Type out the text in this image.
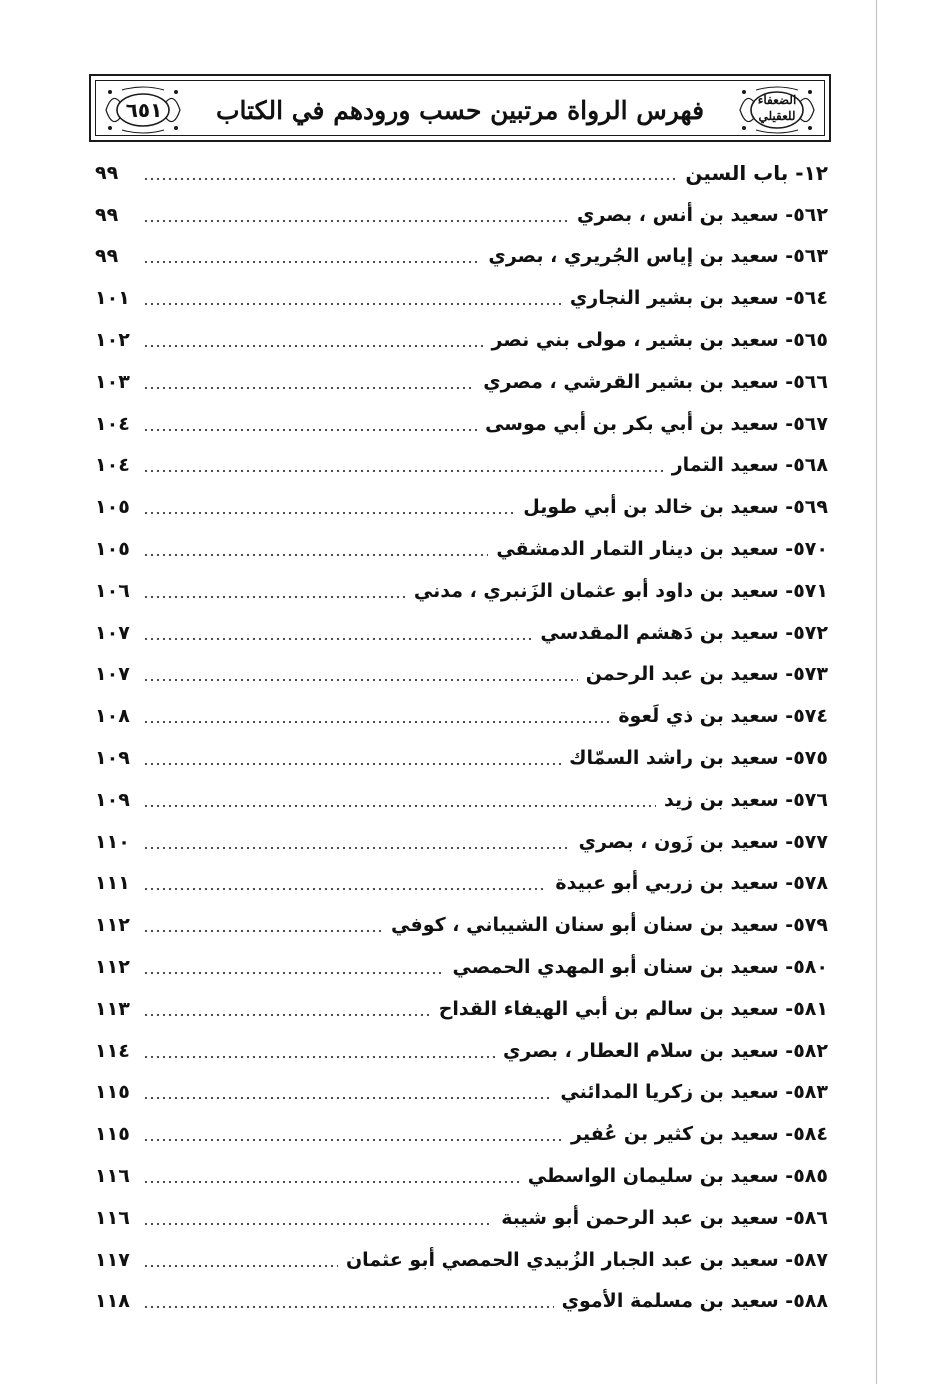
٦٥١	فهرس الرواة مرتبين حسب ورودهم في الكتاب	الضعفاء للعقيلي
١٢- باب السين
٩٩
٥٦٢- سعيد بن أنس ، بصري
٩٩
٥٦٣- سعيد بن إياس الجُريري ، بصري
٩٩
٥٦٤- سعيد بن بشير النجاري
١٠١
٥٦٥- سعيد بن بشير ، مولى بني نصر
١٠٢
٥٦٦- سعيد بن بشير القرشي ، مصري
١٠٣
٥٦٧- سعيد بن أبي بكر بن أبي موسى
١٠٤
٥٦٨- سعيد التمار
١٠٤
٥٦٩- سعيد بن خالد بن أبي طويل
١٠٥
٥٧٠- سعيد بن دينار التمار الدمشقي
١٠٥
٥٧١- سعيد بن داود أبو عثمان الزَنبري ، مدني
١٠٦
٥٧٢- سعيد بن دَهشم المقدسي
١٠٧
٥٧٣- سعيد بن عبد الرحمن
١٠٧
٥٧٤- سعيد بن ذي لَعوة
١٠٨
٥٧٥- سعيد بن راشد السمّاك
١٠٩
٥٧٦- سعيد بن زيد
١٠٩
٥٧٧- سعيد بن زَون ، بصري
١١٠
٥٧٨- سعيد بن زربي أبو عبيدة
١١١
٥٧٩- سعيد بن سنان أبو سنان الشيباني ، كوفي
١١٢
٥٨٠- سعيد بن سنان أبو المهدي الحمصي
١١٢
٥٨١- سعيد بن سالم بن أبي الهيفاء القداح
١١٣
٥٨٢- سعيد بن سلام العطار ، بصري
١١٤
٥٨٣- سعيد بن زكريا المدائني
١١٥
٥٨٤- سعيد بن كثير بن عُفير
١١٥
٥٨٥- سعيد بن سليمان الواسطي
١١٦
٥٨٦- سعيد بن عبد الرحمن أبو شيبة
١١٦
٥٨٧- سعيد بن عبد الجبار الزُبيدي الحمصي أبو عثمان
١١٧
٥٨٨- سعيد بن مسلمة الأموي
١١٨
